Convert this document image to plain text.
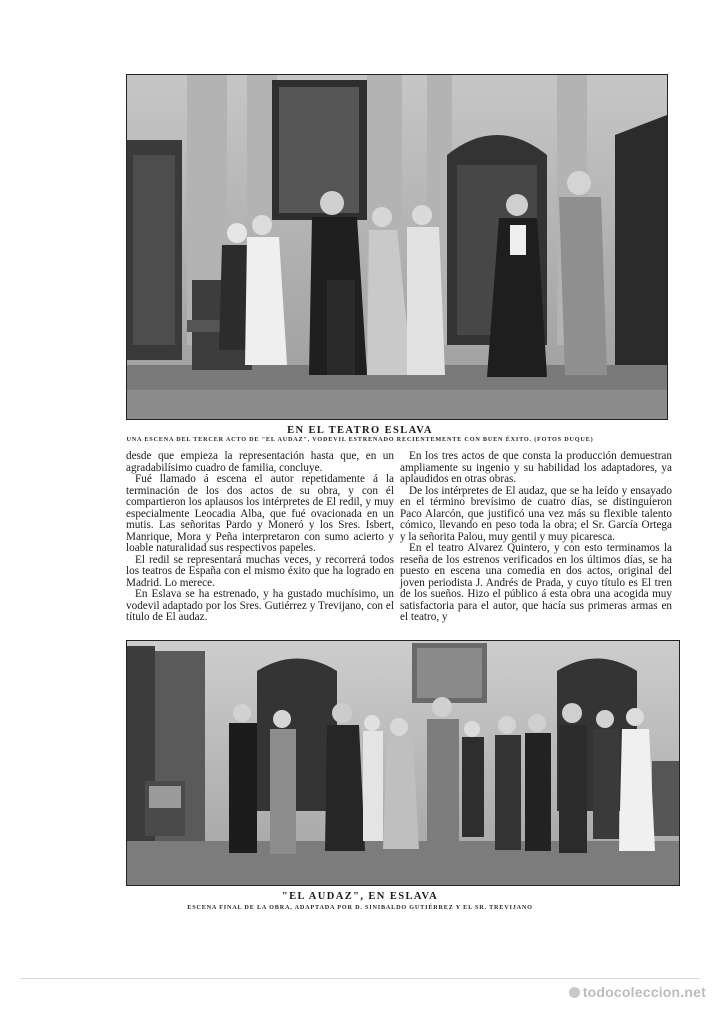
EN EL TEATRO ESLAVA
UNA ESCENA DEL TERCER ACTO DE "EL AUDAZ", VODEVIL ESTRENADO RECIENTEMENTE CON BUEN ÉXITO. (FOTOS DUQUE)

desde que empieza la representación hasta que, en un agradabilísimo cuadro de familia, concluye.

Fué llamado á escena el autor repetidamente á la terminación de los dos actos de su obra, y con él compartieron los aplausos los intérpretes de El redil, y muy especialmente Leocadia Alba, que fué ovacionada en un mutis. Las señoritas Pardo y Moneró y los Sres. Isbert, Manrique, Mora y Peña interpretaron con sumo acierto y loable naturalidad sus respectivos papeles.

El redil se representará muchas veces, y recorrerá todos los teatros de España con el mismo éxito que ha logrado en Madrid. Lo merece.

En Eslava se ha estrenado, y ha gustado muchísimo, un vodevil adaptado por los Sres. Gutiérrez y Trevijano, con el título de El audaz.

En los tres actos de que consta la producción demuestran ampliamente su ingenio y su habilidad los adaptadores, ya aplaudidos en otras obras.

De los intérpretes de El audaz, que se ha leído y ensayado en el término brevísimo de cuatro días, se distinguieron Paco Alarcón, que justificó una vez más su flexible talento cómico, llevando en peso toda la obra; el Sr. García Ortega y la señorita Palou, muy gentil y muy picaresca.

En el teatro Alvarez Quintero, y con esto terminamos la reseña de los estrenos verificados en los últimos días, se ha puesto en escena una comedia en dos actos, original del joven periodista J. Andrés de Prada, y cuyo título es El tren de los sueños. Hizo el público á esta obra una acogida muy satisfactoria para el autor, que hacía sus primeras armas en el teatro, y

"EL AUDAZ", EN ESLAVA
ESCENA FINAL DE LA OBRA, ADAPTADA POR D. SINIBALDO GUTIÉRREZ Y EL SR. TREVIJANO
todocoleccion.net
